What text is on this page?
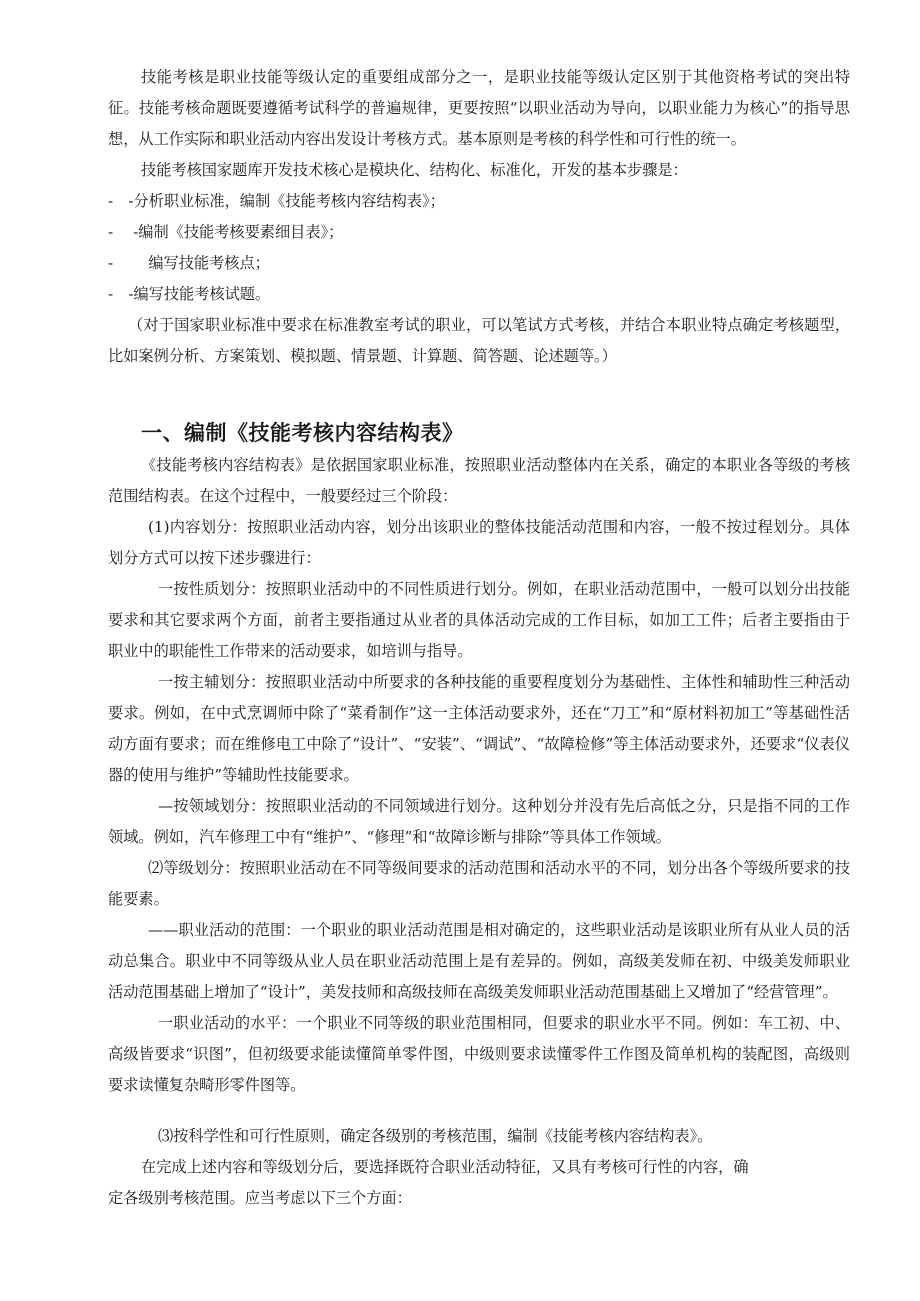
技能考核是职业技能等级认定的重要组成部分之一，是职业技能等级认定区别于其他资格考试的突出特征。技能考核命题既要遵循考试科学的普遍规律，更要按照“以职业活动为导向，以职业能力为核心”的指导思想，从工作实际和职业活动内容出发设计考核方式。基本原则是考核的科学性和可行性的统一。

技能考核国家题库开发技术核心是模块化、结构化、标准化，开发的基本步骤是：

-　-分析职业标准，编制《技能考核内容结构表》；

-　 -编制《技能考核要素细目表》；

-　 　编写技能考核点；

-　-编写技能考核试题。

（对于国家职业标准中要求在标准教室考试的职业，可以笔试方式考核，并结合本职业特点确定考核题型，比如案例分析、方案策划、模拟题、情景题、计算题、简答题、论述题等。）

一、编制《技能考核内容结构表》

《技能考核内容结构表》是依据国家职业标准，按照职业活动整体内在关系，确定的本职业各等级的考核范围结构表。在这个过程中，一般要经过三个阶段：

(1)内容划分：按照职业活动内容，划分出该职业的整体技能活动范围和内容，一般不按过程划分。具体划分方式可以按下述步骤进行：

一按性质划分：按照职业活动中的不同性质进行划分。例如，在职业活动范围中，一般可以划分出技能要求和其它要求两个方面，前者主要指通过从业者的具体活动完成的工作目标，如加工工件；后者主要指由于职业中的职能性工作带来的活动要求，如培训与指导。

一按主辅划分：按照职业活动中所要求的各种技能的重要程度划分为基础性、主体性和辅助性三种活动要求。例如，在中式烹调师中除了“菜肴制作”这一主体活动要求外，还在“刀工”和“原材料初加工”等基础性活动方面有要求；而在维修电工中除了“设计”、“安装”、“调试”、“故障检修”等主体活动要求外，还要求“仪表仪器的使用与维护”等辅助性技能要求。

—按领域划分：按照职业活动的不同领域进行划分。这种划分并没有先后高低之分，只是指不同的工作领域。例如，汽车修理工中有“维护”、“修理”和“故障诊断与排除”等具体工作领域。

⑵等级划分：按照职业活动在不同等级间要求的活动范围和活动水平的不同，划分出各个等级所要求的技能要素。

——职业活动的范围：一个职业的职业活动范围是相对确定的，这些职业活动是该职业所有从业人员的活动总集合。职业中不同等级从业人员在职业活动范围上是有差异的。例如，高级美发师在初、中级美发师职业活动范围基础上增加了“设计”，美发技师和高级技师在高级美发师职业活动范围基础上又增加了“经营管理”。

一职业活动的水平：一个职业不同等级的职业范围相同，但要求的职业水平不同。例如：车工初、中、高级皆要求“识图”，但初级要求能读懂简单零件图，中级则要求读懂零件工作图及简单机构的装配图，高级则要求读懂复杂畸形零件图等。

⑶按科学性和可行性原则，确定各级别的考核范围，编制《技能考核内容结构表》。

在完成上述内容和等级划分后，要选择既符合职业活动特征，又具有考核可行性的内容，确

定各级别考核范围。应当考虑以下三个方面：
